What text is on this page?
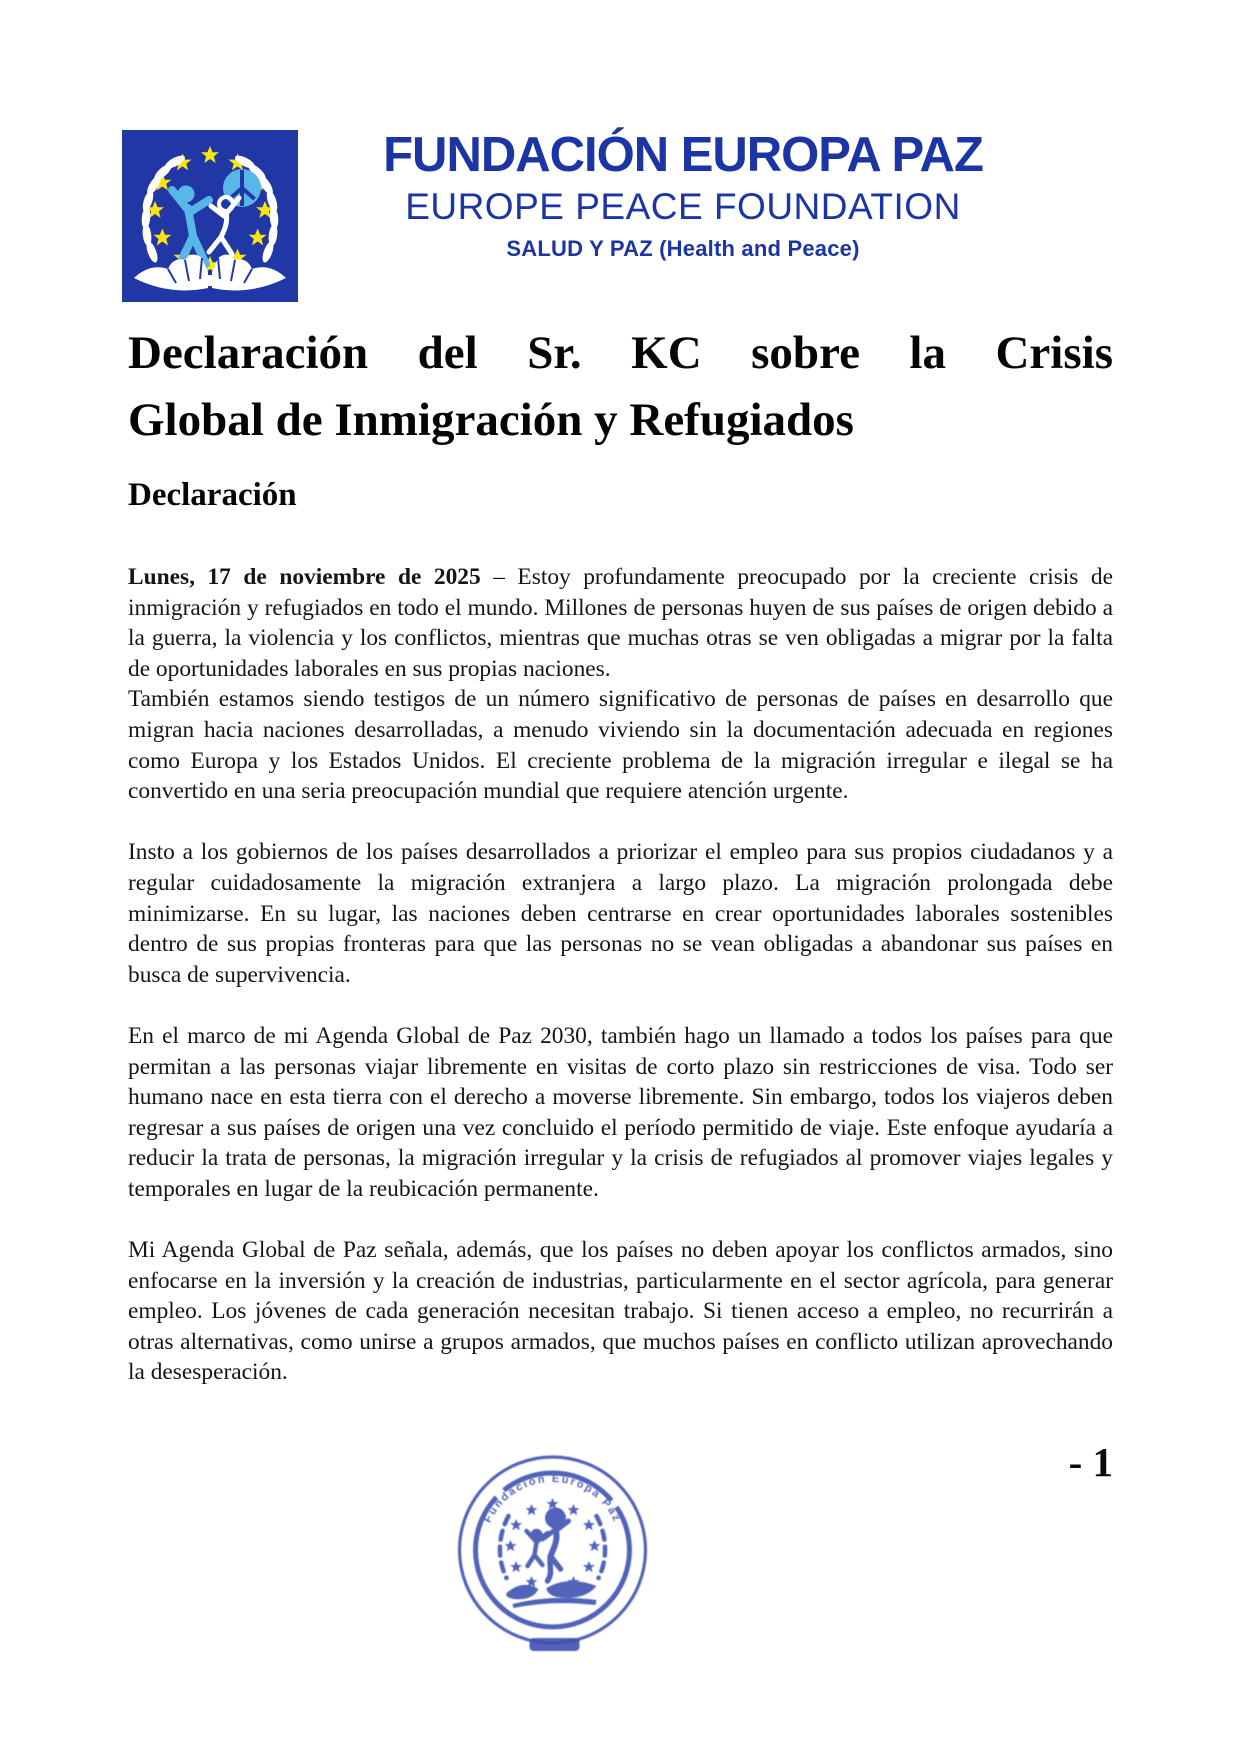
FUNDACIÓN EUROPA PAZ
EUROPE PEACE FOUNDATION
SALUD Y PAZ (Health and Peace)
Declaración del Sr. KC sobre la Crisis
Global de Inmigración y Refugiados
Declaración

Lunes, 17 de noviembre de 2025 – Estoy profundamente preocupado por la creciente crisis de inmigración y refugiados en todo el mundo. Millones de personas huyen de sus países de origen debido a la guerra, la violencia y los conflictos, mientras que muchas otras se ven obligadas a migrar por la falta de oportunidades laborales en sus propias naciones.

También estamos siendo testigos de un número significativo de personas de países en desarrollo que migran hacia naciones desarrolladas, a menudo viviendo sin la documentación adecuada en regiones como Europa y los Estados Unidos. El creciente problema de la migración irregular e ilegal se ha convertido en una seria preocupación mundial que requiere atención urgente.

Insto a los gobiernos de los países desarrollados a priorizar el empleo para sus propios ciudadanos y a regular cuidadosamente la migración extranjera a largo plazo. La migración prolongada debe minimizarse. En su lugar, las naciones deben centrarse en crear oportunidades laborales sostenibles dentro de sus propias fronteras para que las personas no se vean obligadas a abandonar sus países en busca de supervivencia.

En el marco de mi Agenda Global de Paz 2030, también hago un llamado a todos los países para que permitan a las personas viajar libremente en visitas de corto plazo sin restricciones de visa. Todo ser humano nace en esta tierra con el derecho a moverse libremente. Sin embargo, todos los viajeros deben regresar a sus países de origen una vez concluido el período permitido de viaje. Este enfoque ayudaría a reducir la trata de personas, la migración irregular y la crisis de refugiados al promover viajes legales y temporales en lugar de la reubicación permanente.

Mi Agenda Global de Paz señala, además, que los países no deben apoyar los conflictos armados, sino enfocarse en la inversión y la creación de industrias, particularmente en el sector agrícola, para generar empleo. Los jóvenes de cada generación necesitan trabajo. Si tienen acceso a empleo, no recurrirán a otras alternativas, como unirse a grupos armados, que muchos países en conflicto utilizan aprovechando la desesperación.

- 1
Fundación Europa Paz
